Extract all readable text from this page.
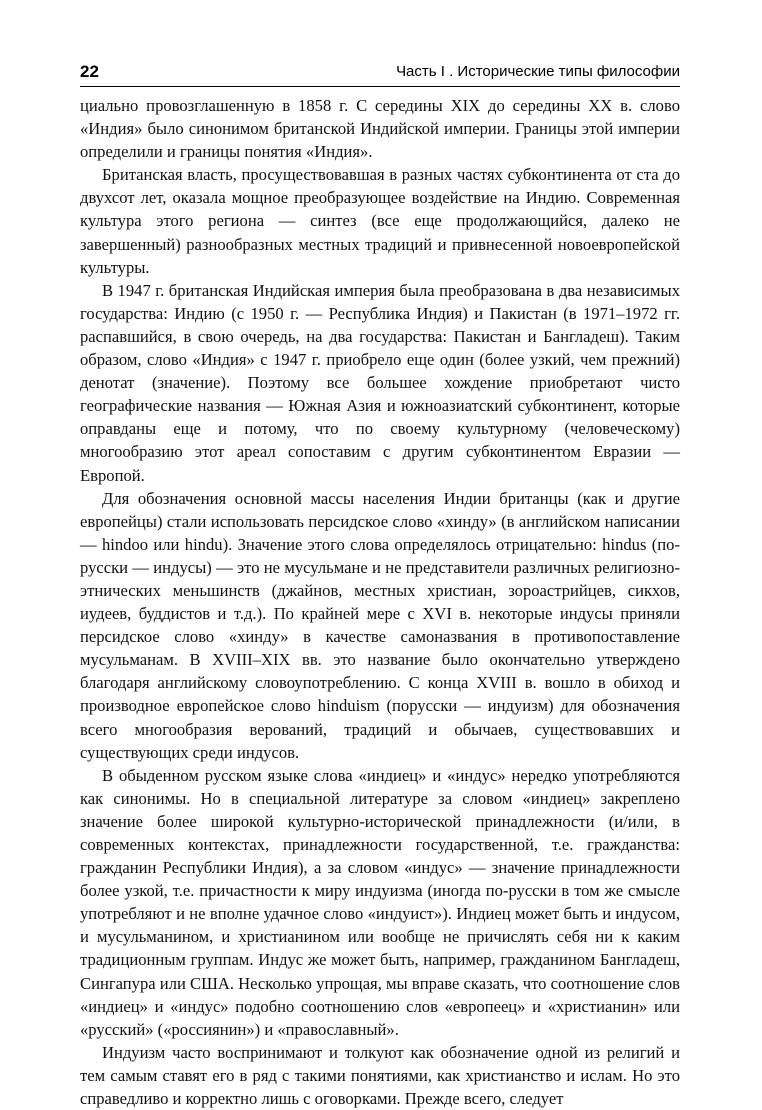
22	Часть I . Исторические типы философии

циально провозглашенную в 1858 г. С середины XIX до середины XX в. слово «Индия» было синонимом британской Индийской империи. Границы этой империи определили и границы понятия «Индия».

Британская власть, просуществовавшая в разных частях субконтинента от ста до двухсот лет, оказала мощное преобразующее воздействие на Индию. Современная культура этого региона — синтез (все еще продолжающийся, далеко не завершенный) разнообразных местных традиций и привнесенной новоевропейской культуры.

В 1947 г. британская Индийская империя была преобразована в два независимых государства: Индию (с 1950 г. — Республика Индия) и Пакистан (в 1971–1972 гг. распавшийся, в свою очередь, на два государства: Пакистан и Бангладеш). Таким образом, слово «Индия» с 1947 г. приобрело еще один (более узкий, чем прежний) денотат (значение). Поэтому все большее хождение приобретают чисто географические названия — Южная Азия и южноазиатский субконтинент, которые оправданы еще и потому, что по своему культурному (человеческому) многообразию этот ареал сопоставим с другим субконтинентом Евразии — Европой.

Для обозначения основной массы населения Индии британцы (как и другие европейцы) стали использовать персидское слово «хинду» (в английском написании — hindoo или hindu). Значение этого слова определялось отрицательно: hindus (по-русски — индусы) — это не мусульмане и не представители различных религиозно-этнических меньшинств (джайнов, местных христиан, зороастрийцев, сикхов, иудеев, буддистов и т.д.). По крайней мере с XVI в. некоторые индусы приняли персидское слово «хинду» в качестве самоназвания в противопоставление мусульманам. В XVIII–XIX вв. это название было окончательно утверждено благодаря английскому словоупотреблению. С конца XVIII в. вошло в обиход и производное европейское слово hinduism (порусски — индуизм) для обозначения всего многообразия верований, традиций и обычаев, существовавших и существующих среди индусов.

В обыденном русском языке слова «индиец» и «индус» нередко употребляются как синонимы. Но в специальной литературе за словом «индиец» закреплено значение более широкой культурно-исторической принадлежности (и/или, в современных контекстах, принадлежности государственной, т.е. гражданства: гражданин Республики Индия), а за словом «индус» — значение принадлежности более узкой, т.е. причастности к миру индуизма (иногда по-русски в том же смысле употребляют и не вполне удачное слово «индуист»). Индиец может быть и индусом, и мусульманином, и христианином или вообще не причислять себя ни к каким традиционным группам. Индус же может быть, например, гражданином Бангладеш, Сингапура или США. Несколько упрощая, мы вправе сказать, что соотношение слов «индиец» и «индус» подобно соотношению слов «европеец» и «христианин» или «русский» («россиянин») и «православный».

Индуизм часто воспринимают и толкуют как обозначение одной из религий и тем самым ставят его в ряд с такими понятиями, как христианство и ислам. Но это справедливо и корректно лишь с оговорками. Прежде всего, следует
